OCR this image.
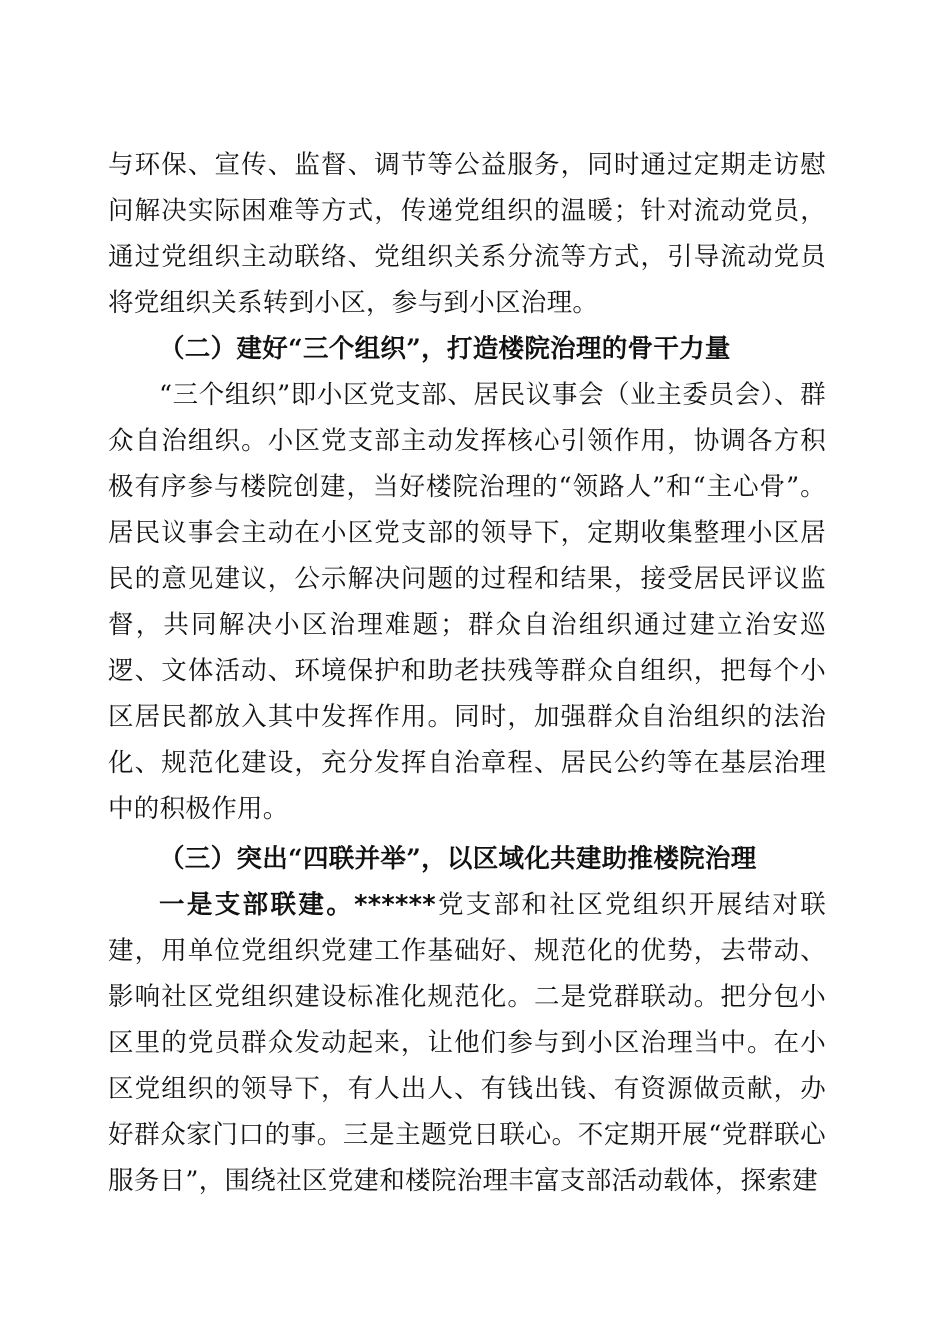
与环保、宣传、监督、调节等公益服务，同时通过定期走访慰问解决实际困难等方式，传递党组织的温暖；针对流动党员，通过党组织主动联络、党组织关系分流等方式，引导流动党员将党组织关系转到小区，参与到小区治理。

（二）建好“三个组织”，打造楼院治理的骨干力量

“三个组织”即小区党支部、居民议事会（业主委员会）、群众自治组织。小区党支部主动发挥核心引领作用，协调各方积极有序参与楼院创建，当好楼院治理的“领路人”和“主心骨”。居民议事会主动在小区党支部的领导下，定期收集整理小区居民的意见建议，公示解决问题的过程和结果，接受居民评议监督，共同解决小区治理难题；群众自治组织通过建立治安巡逻、文体活动、环境保护和助老扶残等群众自组织，把每个小区居民都放入其中发挥作用。同时，加强群众自治组织的法治化、规范化建设，充分发挥自治章程、居民公约等在基层治理中的积极作用。

（三）突出“四联并举”，以区域化共建助推楼院治理

一是支部联建。******党支部和社区党组织开展结对联建，用单位党组织党建工作基础好、规范化的优势，去带动、影响社区党组织建设标准化规范化。二是党群联动。把分包小区里的党员群众发动起来，让他们参与到小区治理当中。在小区党组织的领导下，有人出人、有钱出钱、有资源做贡献，办好群众家门口的事。三是主题党日联心。不定期开展“党群联心服务日”，围绕社区党建和楼院治理丰富支部活动载体，探索建
